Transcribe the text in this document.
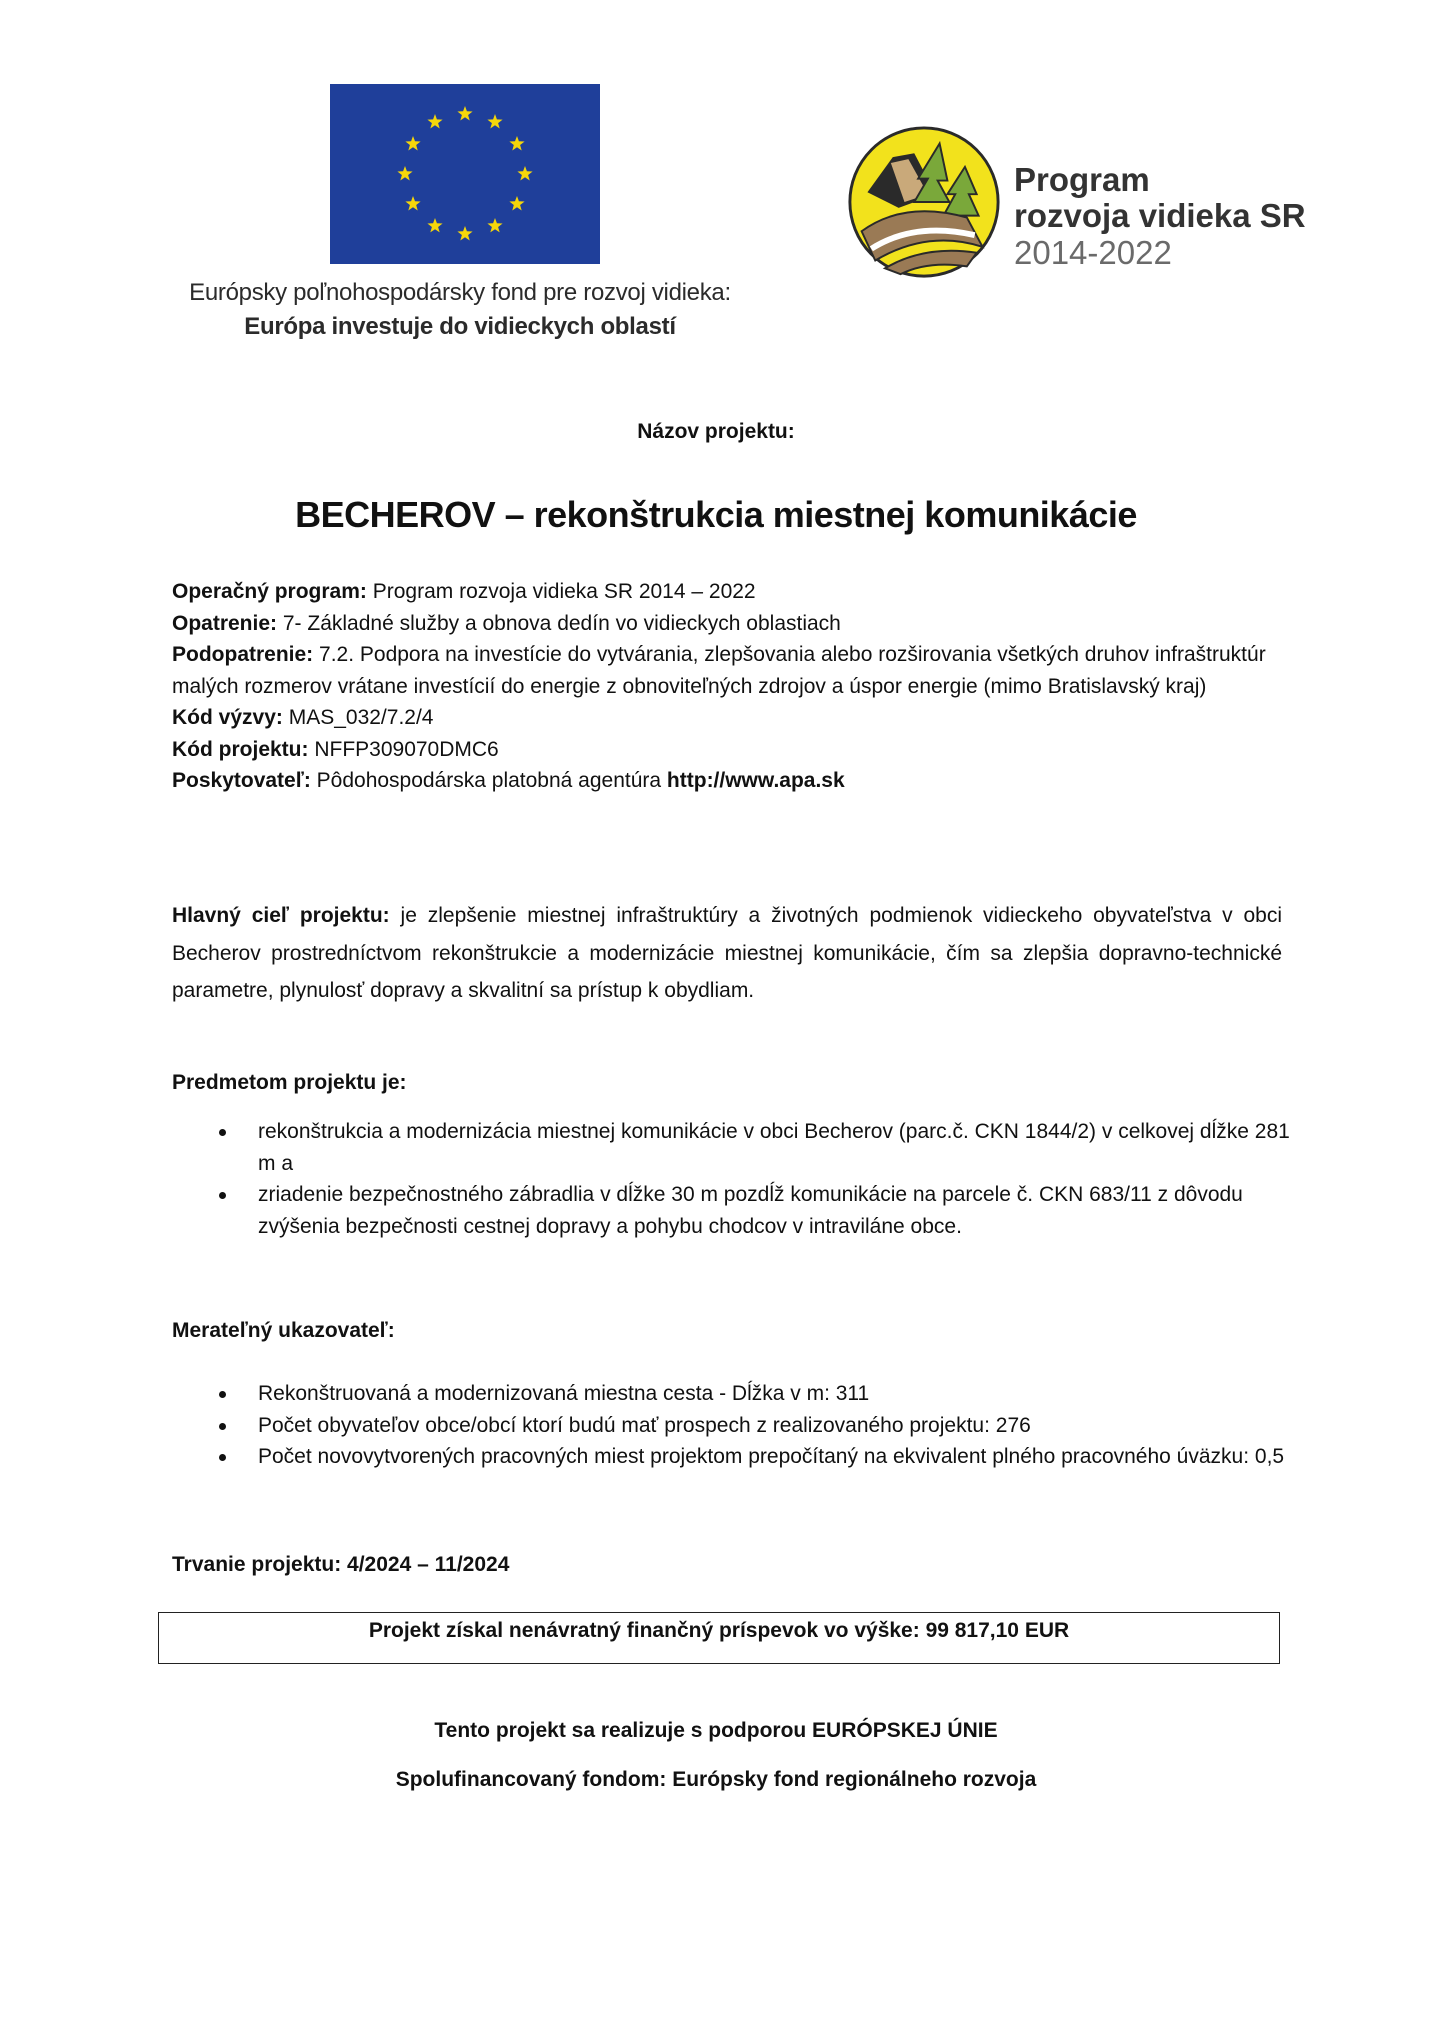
Európsky poľnohospodársky fond pre rozvoj vidieka:
Európa investuje do vidieckych oblastí
Program
rozvoja vidieka SR
2014-2022
Názov projektu:
BECHEROV – rekonštrukcia miestnej komunikácie
Operačný program: Program rozvoja vidieka SR 2014 – 2022
Opatrenie: 7- Základné služby a obnova dedín vo vidieckych oblastiach
Podopatrenie: 7.2. Podpora na investície do vytvárania, zlepšovania alebo rozširovania všetkých druhov infraštruktúr malých rozmerov vrátane investícií do energie z obnoviteľných zdrojov a úspor energie (mimo Bratislavský kraj)
Kód výzvy: MAS_032/7.2/4
Kód projektu: NFFP309070DMC6
Poskytovateľ: Pôdohospodárska platobná agentúra http://www.apa.sk
Hlavný cieľ projektu: je zlepšenie miestnej infraštruktúry a životných podmienok vidieckeho obyvateľstva v obci Becherov prostredníctvom rekonštrukcie a modernizácie miestnej komunikácie, čím sa zlepšia dopravno-technické parametre, plynulosť dopravy a skvalitní sa prístup k obydliam.
Predmetom projektu je:
rekonštrukcia a modernizácia miestnej komunikácie v obci Becherov (parc.č. CKN 1844/2) v celkovej dĺžke 281 m a
zriadenie bezpečnostného zábradlia v dĺžke 30 m pozdĺž komunikácie na parcele č. CKN 683/11 z dôvodu zvýšenia bezpečnosti cestnej dopravy a pohybu chodcov v intraviláne obce.
Merateľný ukazovateľ:
Rekonštruovaná a modernizovaná miestna cesta - Dĺžka v m: 311
Počet obyvateľov obce/obcí ktorí budú mať prospech z realizovaného projektu: 276
Počet novovytvorených pracovných miest projektom prepočítaný na ekvivalent plného pracovného úväzku: 0,5
Trvanie projektu: 4/2024 – 11/2024
Projekt získal nenávratný finančný príspevok vo výške: 99 817,10 EUR
Tento projekt sa realizuje s podporou EURÓPSKEJ ÚNIE
Spolufinancovaný fondom: Európsky fond regionálneho rozvoja
